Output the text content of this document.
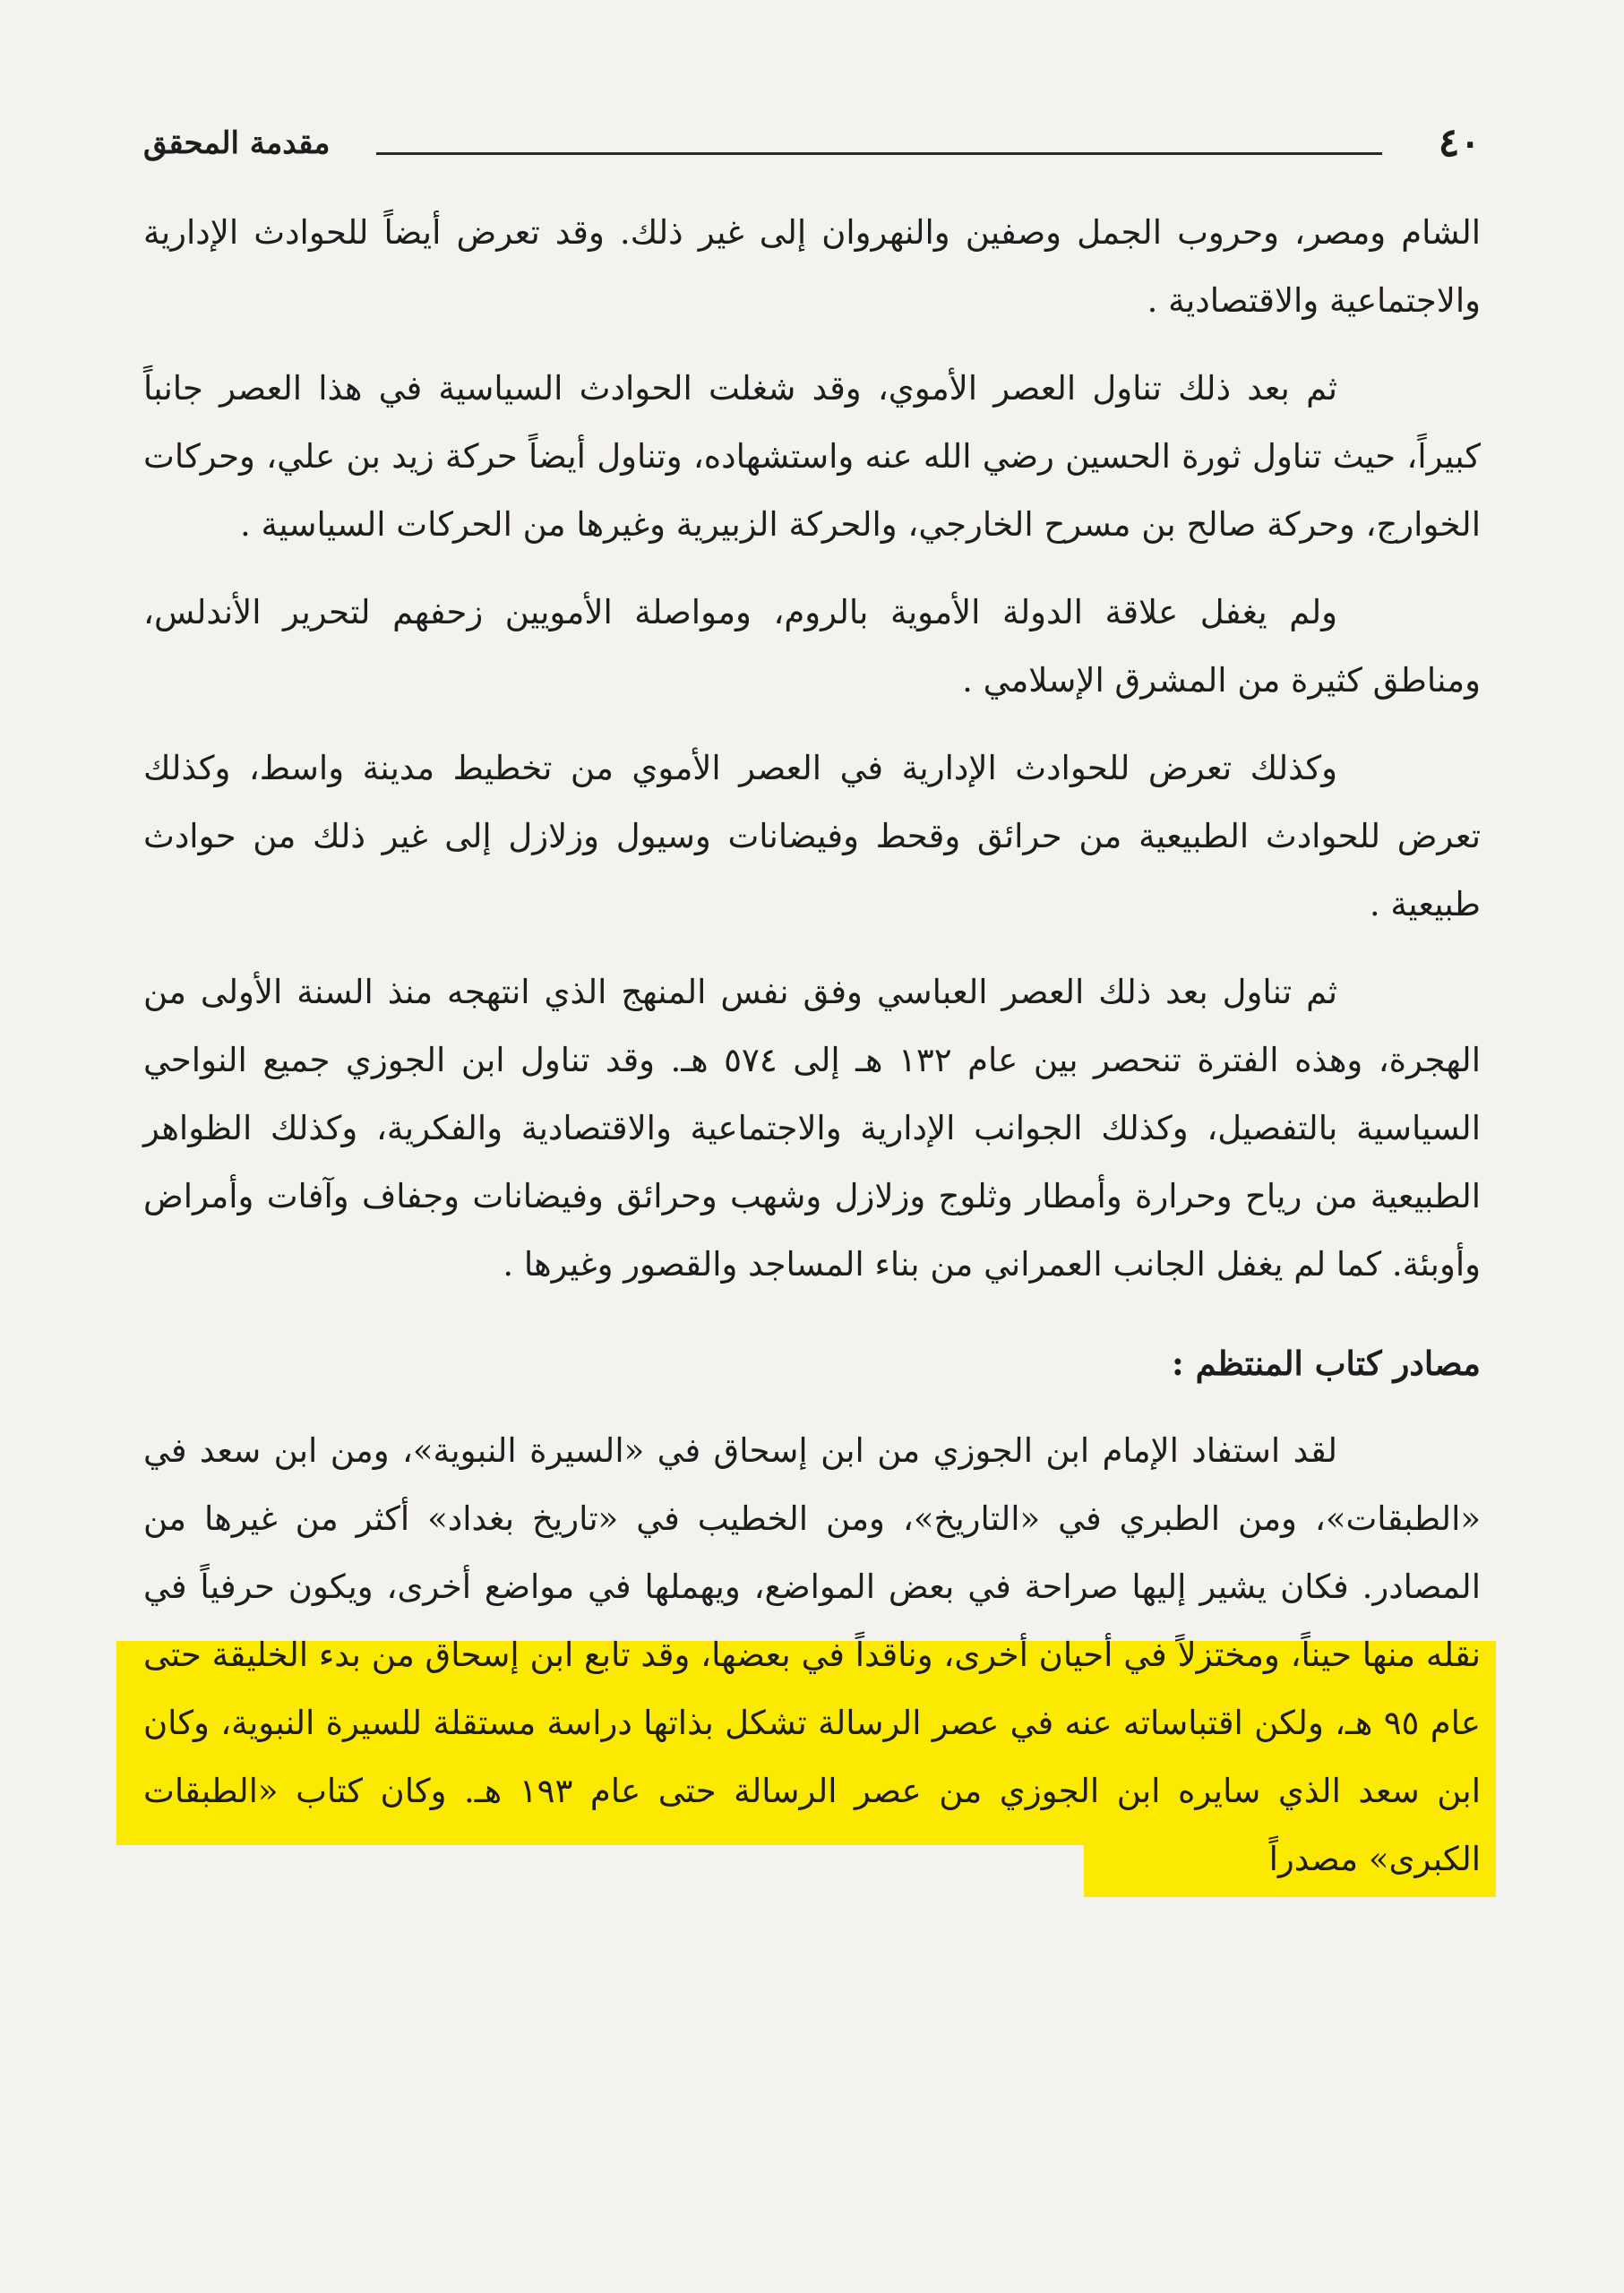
٤٠
مقدمة المحقق

الشام ومصر، وحروب الجمل وصفين والنهروان إلى غير ذلك. وقد تعرض أيضاً للحوادث الإدارية والاجتماعية والاقتصادية .

ثم بعد ذلك تناول العصر الأموي، وقد شغلت الحوادث السياسية في هذا العصر جانباً كبيراً، حيث تناول ثورة الحسين رضي الله عنه واستشهاده، وتناول أيضاً حركة زيد بن علي، وحركات الخوارج، وحركة صالح بن مسرح الخارجي، والحركة الزبيرية وغيرها من الحركات السياسية .

ولم يغفل علاقة الدولة الأموية بالروم، ومواصلة الأمويين زحفهم لتحرير الأندلس، ومناطق كثيرة من المشرق الإسلامي .

وكذلك تعرض للحوادث الإدارية في العصر الأموي من تخطيط مدينة واسط، وكذلك تعرض للحوادث الطبيعية من حرائق وقحط وفيضانات وسيول وزلازل إلى غير ذلك من حوادث طبيعية .

ثم تناول بعد ذلك العصر العباسي وفق نفس المنهج الذي انتهجه منذ السنة الأولى من الهجرة، وهذه الفترة تنحصر بين عام ١٣٢ هـ إلى ٥٧٤ هـ. وقد تناول ابن الجوزي جميع النواحي السياسية بالتفصيل، وكذلك الجوانب الإدارية والاجتماعية والاقتصادية والفكرية، وكذلك الظواهر الطبيعية من رياح وحرارة وأمطار وثلوج وزلازل وشهب وحرائق وفيضانات وجفاف وآفات وأمراض وأوبئة. كما لم يغفل الجانب العمراني من بناء المساجد والقصور وغيرها .

مصادر كتاب المنتظم :

لقد استفاد الإمام ابن الجوزي من ابن إسحاق في «السيرة النبوية»، ومن ابن سعد في «الطبقات»، ومن الطبري في «التاريخ»، ومن الخطيب في «تاريخ بغداد» أكثر من غيرها من المصادر. فكان يشير إليها صراحة في بعض المواضع، ويهملها في مواضع أخرى، ويكون حرفياً في نقله منها حيناً، ومختزلاً في أحيان أخرى، وناقداً في بعضها، وقد تابع ابن إسحاق من بدء الخليقة حتى عام ٩٥ هـ، ولكن اقتباساته عنه في عصر الرسالة تشكل بذاتها دراسة مستقلة للسيرة النبوية، وكان ابن سعد الذي سايره ابن الجوزي من عصر الرسالة حتى عام ١٩٣ هـ. وكان كتاب «الطبقات الكبرى» مصدراً
